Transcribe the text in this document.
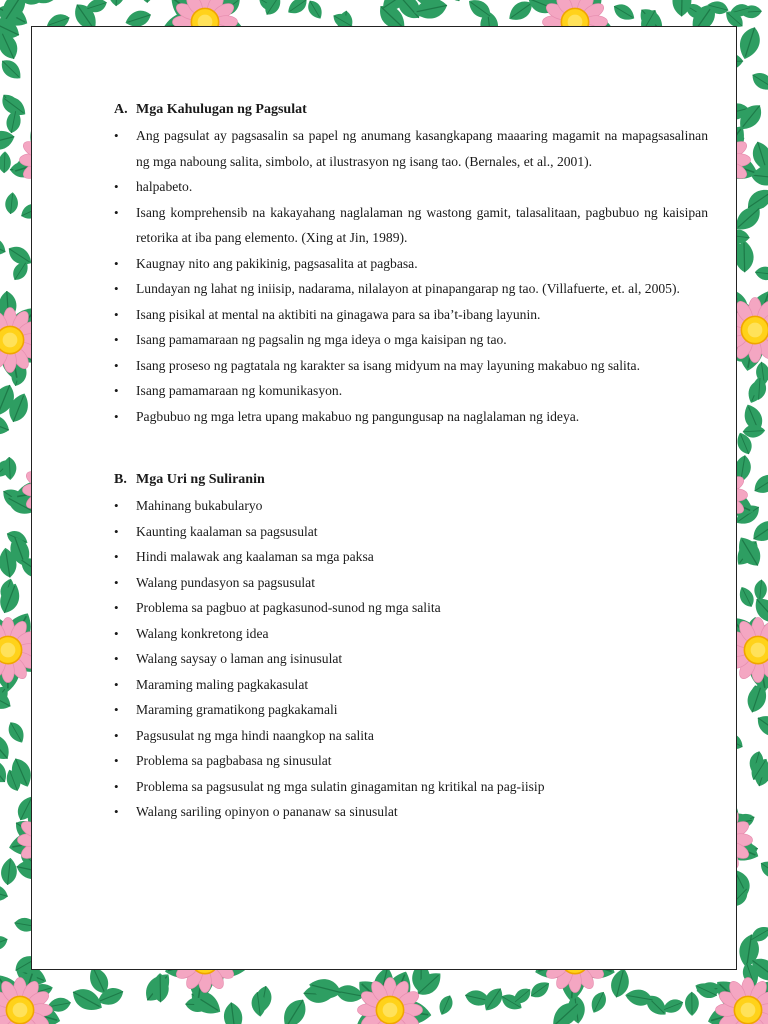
A. Mga Kahulugan ng Pagsulat
• Ang pagsulat ay pagsasalin sa papel ng anumang kasangkapang maaaring magamit na mapagsasalinan ng mga naboung salita, simbolo, at ilustrasyon ng isang tao. (Bernales, et al., 2001).
• halpabeto.
• Isang komprehensib na kakayahang naglalaman ng wastong gamit, talasalitaan, pagbubuo ng kaisipan retorika at iba pang elemento. (Xing at Jin, 1989).
• Kaugnay nito ang pakikinig, pagsasalita at pagbasa.
• Lundayan ng lahat ng iniisip, nadarama, nilalayon at pinapangarap ng tao. (Villafuerte, et. al, 2005).
• Isang pisikal at mental na aktibiti na ginagawa para sa iba’t-ibang layunin.
• Isang pamamaraan ng pagsalin ng mga ideya o mga kaisipan ng tao.
• Isang proseso ng pagtatala ng karakter sa isang midyum na may layuning makabuo ng salita.
• Isang pamamaraan ng komunikasyon.
• Pagbubuo ng mga letra upang makabuo ng pangungusap na naglalaman ng ideya.
B. Mga Uri ng Suliranin
• Mahinang bukabularyo
• Kaunting kaalaman sa pagsusulat
• Hindi malawak ang kaalaman sa mga paksa
• Walang pundasyon sa pagsusulat
• Problema sa pagbuo at pagkasunod-sunod ng mga salita
• Walang konkretong idea
• Walang saysay o laman ang isinusulat
• Maraming maling pagkakasulat
• Maraming gramatikong pagkakamali
• Pagsusulat ng mga hindi naangkop na salita
• Problema sa pagbabasa ng sinusulat
• Problema sa pagsusulat ng mga sulatin ginagamitan ng kritikal na pag-iisip
• Walang sariling opinyon o pananaw sa sinusulat
